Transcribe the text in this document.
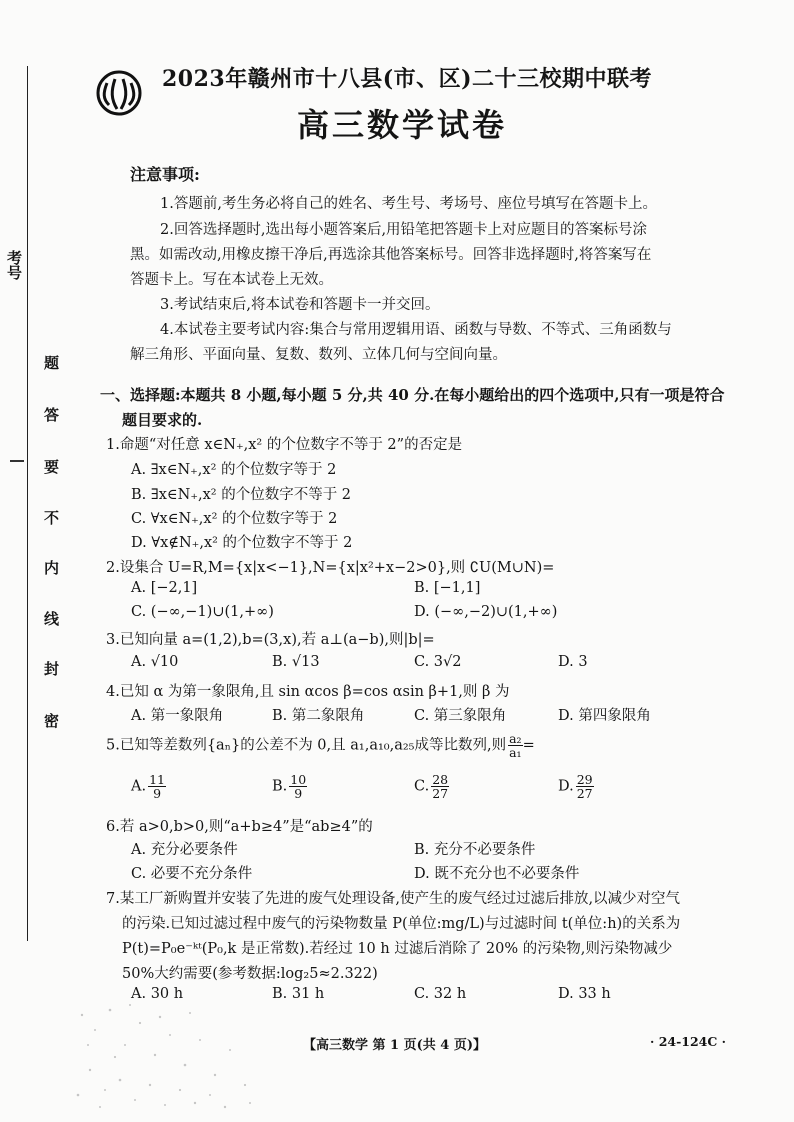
考号
题
答
要
不
内
线
封
密
2023年赣州市十八县(市、区)二十三校期中联考
高三数学试卷
注意事项:
1.答题前,考生务必将自己的姓名、考生号、考场号、座位号填写在答题卡上。
2.回答选择题时,选出每小题答案后,用铅笔把答题卡上对应题目的答案标号涂
黑。如需改动,用橡皮擦干净后,再选涂其他答案标号。回答非选择题时,将答案写在
答题卡上。写在本试卷上无效。
3.考试结束后,将本试卷和答题卡一并交回。
4.本试卷主要考试内容:集合与常用逻辑用语、函数与导数、不等式、三角函数与
解三角形、平面向量、复数、数列、立体几何与空间向量。
一、选择题:本题共 8 小题,每小题 5 分,共 40 分.在每小题给出的四个选项中,只有一项是符合
题目要求的.
1.命题“对任意 x∈N₊,x² 的个位数字不等于 2”的否定是
A. ∃x∈N₊,x² 的个位数字等于 2
B. ∃x∈N₊,x² 的个位数字不等于 2
C. ∀x∈N₊,x² 的个位数字等于 2
D. ∀x∉N₊,x² 的个位数字不等于 2
2.设集合 U=R,M={x|x<−1},N={x|x²+x−2>0},则 ∁U(M∪N)=
A. [−2,1]	B. [−1,1]
C. (−∞,−1)∪(1,+∞)	D. (−∞,−2)∪(1,+∞)
3.已知向量 a=(1,2),b=(3,x),若 a⊥(a−b),则|b|=
A. √10	B. √13	C. 3√2	D. 3
4.已知 α 为第一象限角,且 sin αcos β=cos αsin β+1,则 β 为
A. 第一象限角	B. 第二象限角	C. 第三象限角	D. 第四象限角
5.已知等差数列{aₙ}的公差不为 0,且 a₁,a₁₀,a₂₅成等比数列,则 $\frac{\text{a₂}}{\text{a₁}}$ =
A. $\frac{11}{9}$	B. $\frac{10}{9}$	C. $\frac{28}{27}$	D. $\frac{29}{27}$
6.若 a>0,b>0,则“a+b≥4”是“ab≥4”的
A. 充分必要条件	B. 充分不必要条件
C. 必要不充分条件	D. 既不充分也不必要条件
7.某工厂新购置并安装了先进的废气处理设备,使产生的废气经过过滤后排放,以减少对空气
的污染.已知过滤过程中废气的污染物数量 P(单位:mg/L)与过滤时间 t(单位:h)的关系为
P(t)=P₀e⁻ᵏᵗ(P₀,k 是正常数).若经过 10 h 过滤后消除了 20% 的污染物,则污染物减少
50%大约需要(参考数据:log₂5≈2.322)
A. 30 h	B. 31 h	C. 32 h	D. 33 h
【高三数学 第 1 页(共 4 页)】	· 24-124C ·
